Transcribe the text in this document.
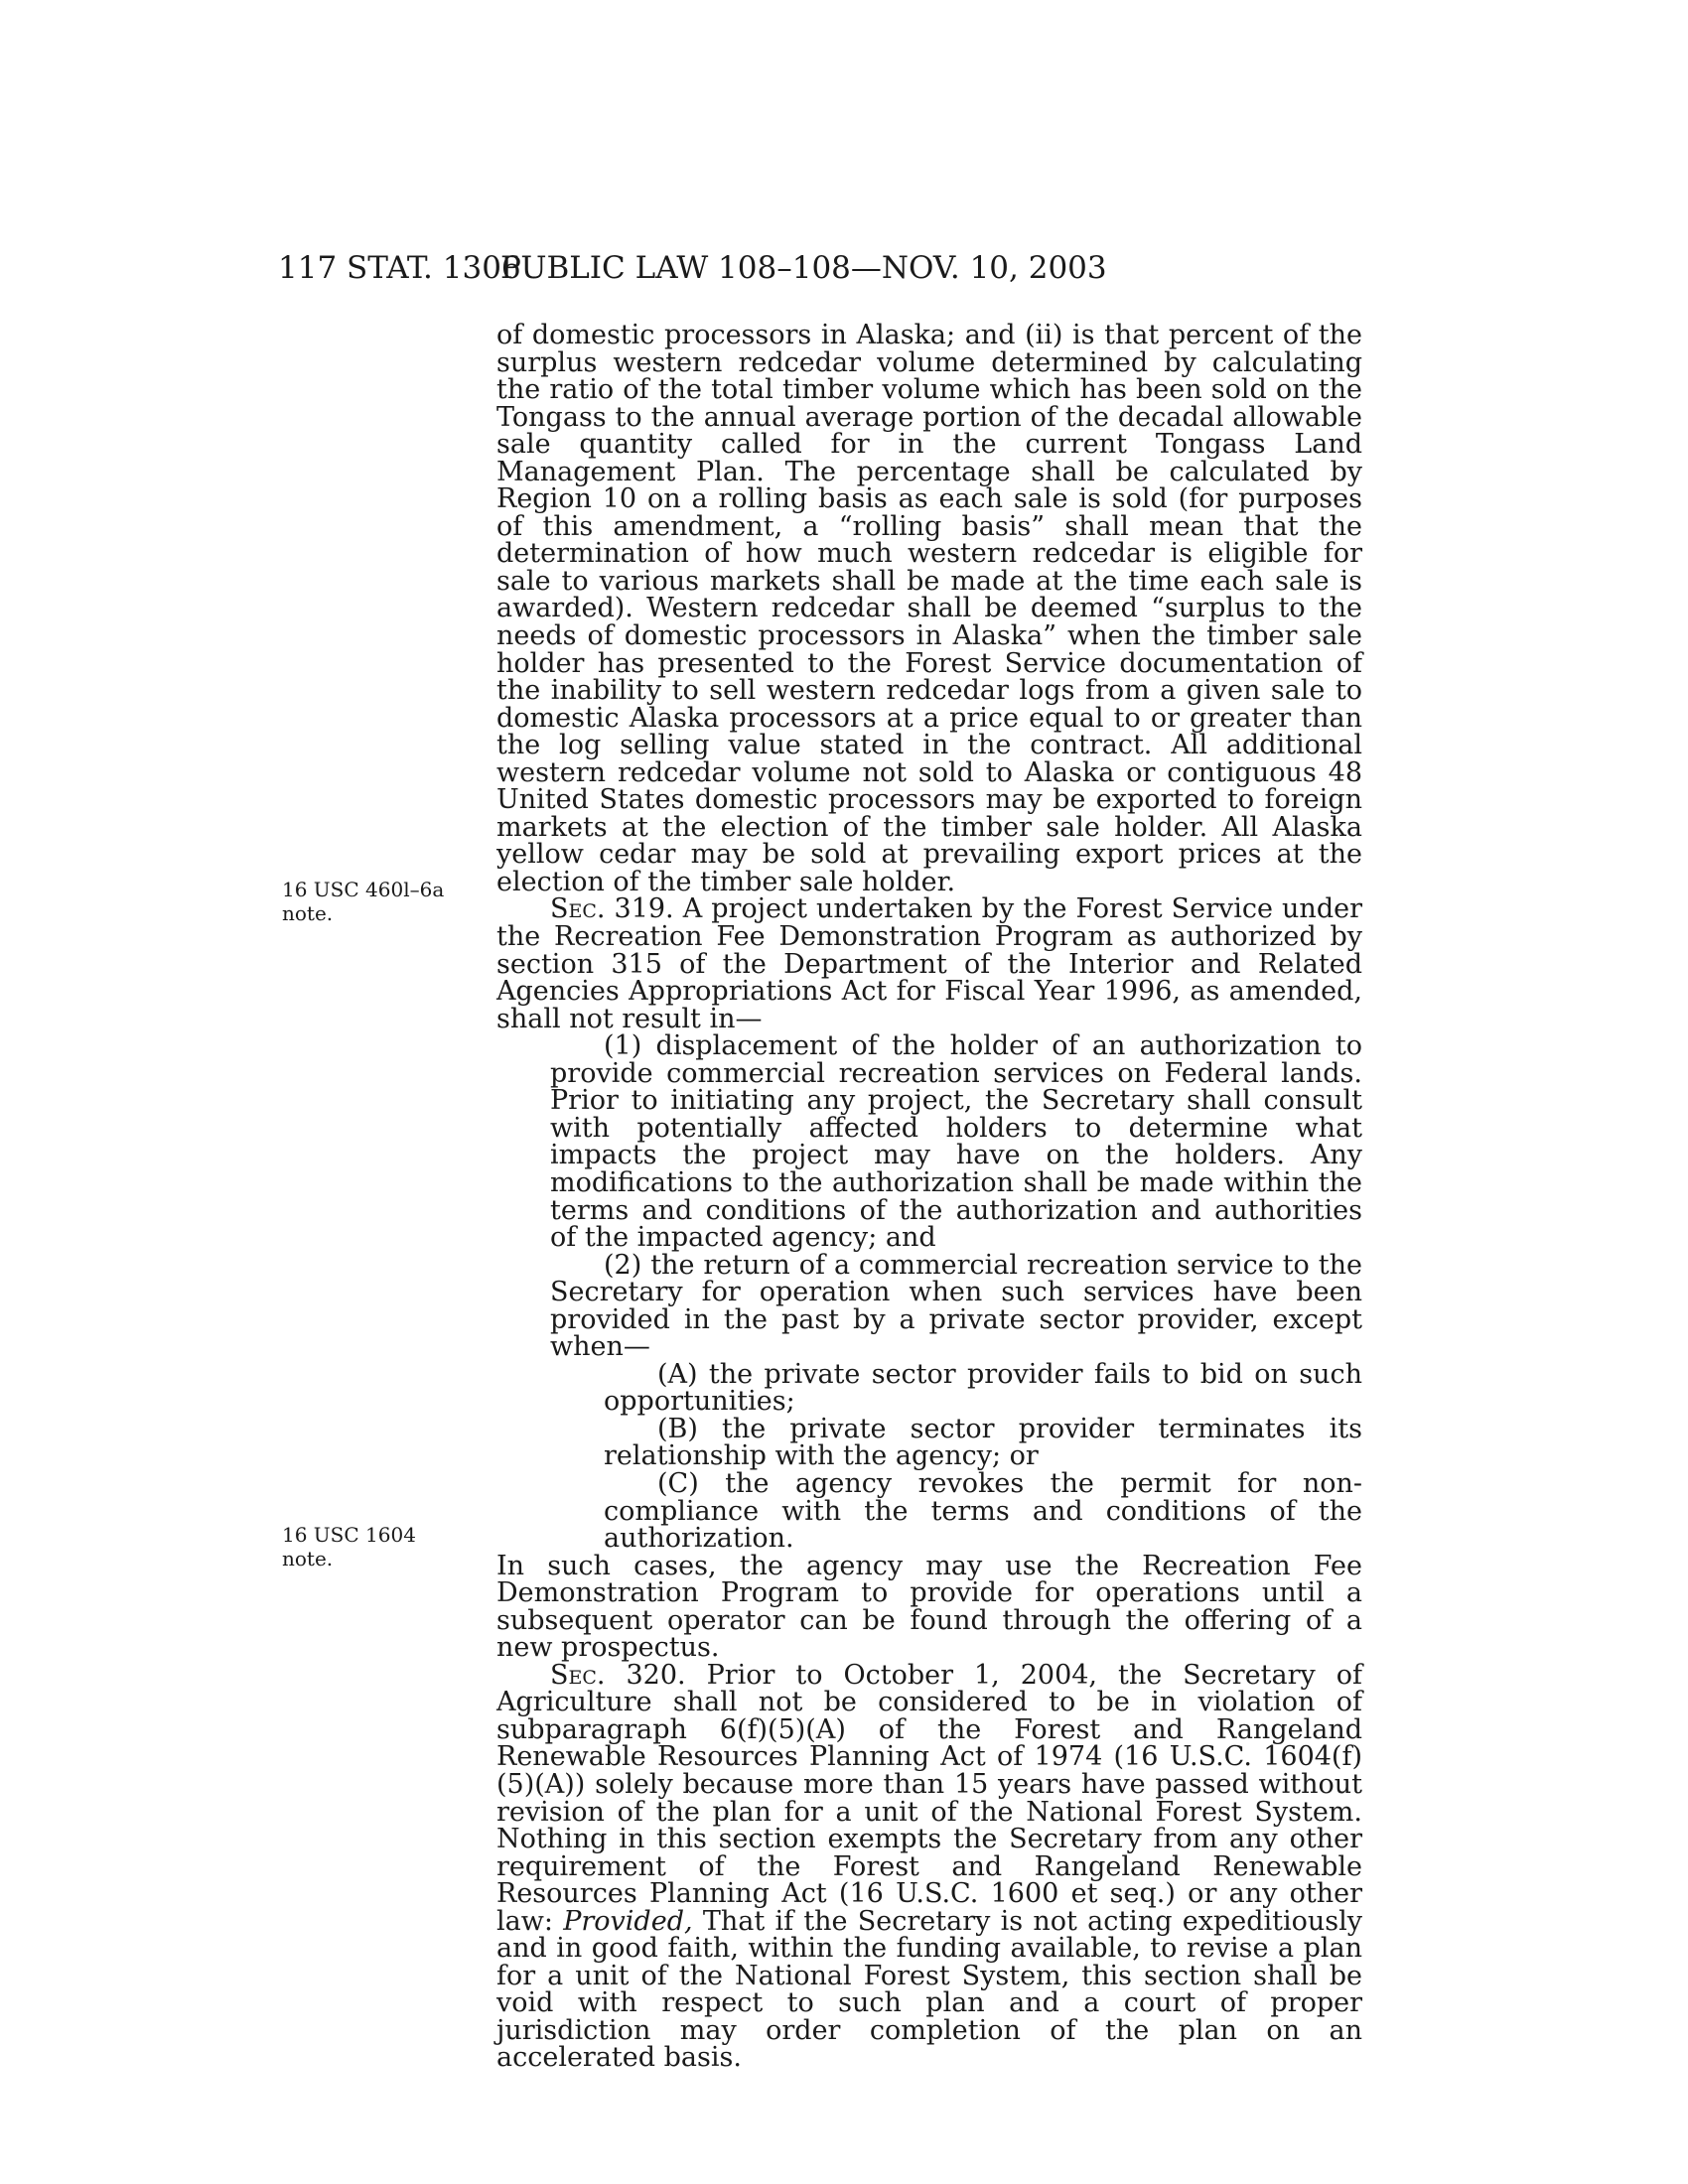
117 STAT. 1306
PUBLIC LAW 108–108—NOV. 10, 2003
16 USC 460l–6a
note.
16 USC 1604
note.

of domestic processors in Alaska; and (ii) is that percent of the surplus western redcedar volume determined by calculating the ratio of the total timber volume which has been sold on the Tongass to the annual average portion of the decadal allowable sale quantity called for in the current Tongass Land Management Plan. The percentage shall be calculated by Region 10 on a rolling basis as each sale is sold (for purposes of this amendment, a “rolling basis” shall mean that the determination of how much western redcedar is eligible for sale to various markets shall be made at the time each sale is awarded). Western redcedar shall be deemed “surplus to the needs of domestic processors in Alaska” when the timber sale holder has presented to the Forest Service documentation of the inability to sell western redcedar logs from a given sale to domestic Alaska processors at a price equal to or greater than the log selling value stated in the contract. All additional western redcedar volume not sold to Alaska or contiguous 48 United States domestic processors may be exported to foreign markets at the election of the timber sale holder. All Alaska yellow cedar may be sold at prevailing export prices at the election of the timber sale holder.

Sec. 319. A project undertaken by the Forest Service under the Recreation Fee Demonstration Program as authorized by section 315 of the Department of the Interior and Related Agencies Appropriations Act for Fiscal Year 1996, as amended, shall not result in—

(1) displacement of the holder of an authorization to provide commercial recreation services on Federal lands. Prior to initiating any project, the Secretary shall consult with potentially affected holders to determine what impacts the project may have on the holders. Any modifications to the authorization shall be made within the terms and conditions of the authorization and authorities of the impacted agency; and

(2) the return of a commercial recreation service to the Secretary for operation when such services have been provided in the past by a private sector provider, except when—

(A) the private sector provider fails to bid on such opportunities;

(B) the private sector provider terminates its relationship with the agency; or

(C) the agency revokes the permit for non-compliance with the terms and conditions of the authorization.

In such cases, the agency may use the Recreation Fee Demonstration Program to provide for operations until a subsequent operator can be found through the offering of a new prospectus.

Sec. 320. Prior to October 1, 2004, the Secretary of Agriculture shall not be considered to be in violation of subparagraph 6(f)(5)(A) of the Forest and Rangeland Renewable Resources Planning Act of 1974 (16 U.S.C. 1604(f)(5)(A)) solely because more than 15 years have passed without revision of the plan for a unit of the National Forest System. Nothing in this section exempts the Secretary from any other requirement of the Forest and Rangeland Renewable Resources Planning Act (16 U.S.C. 1600 et seq.) or any other law: Provided, That if the Secretary is not acting expeditiously and in good faith, within the funding available, to revise a plan for a unit of the National Forest System, this section shall be void with respect to such plan and a court of proper jurisdiction may order completion of the plan on an accelerated basis.
